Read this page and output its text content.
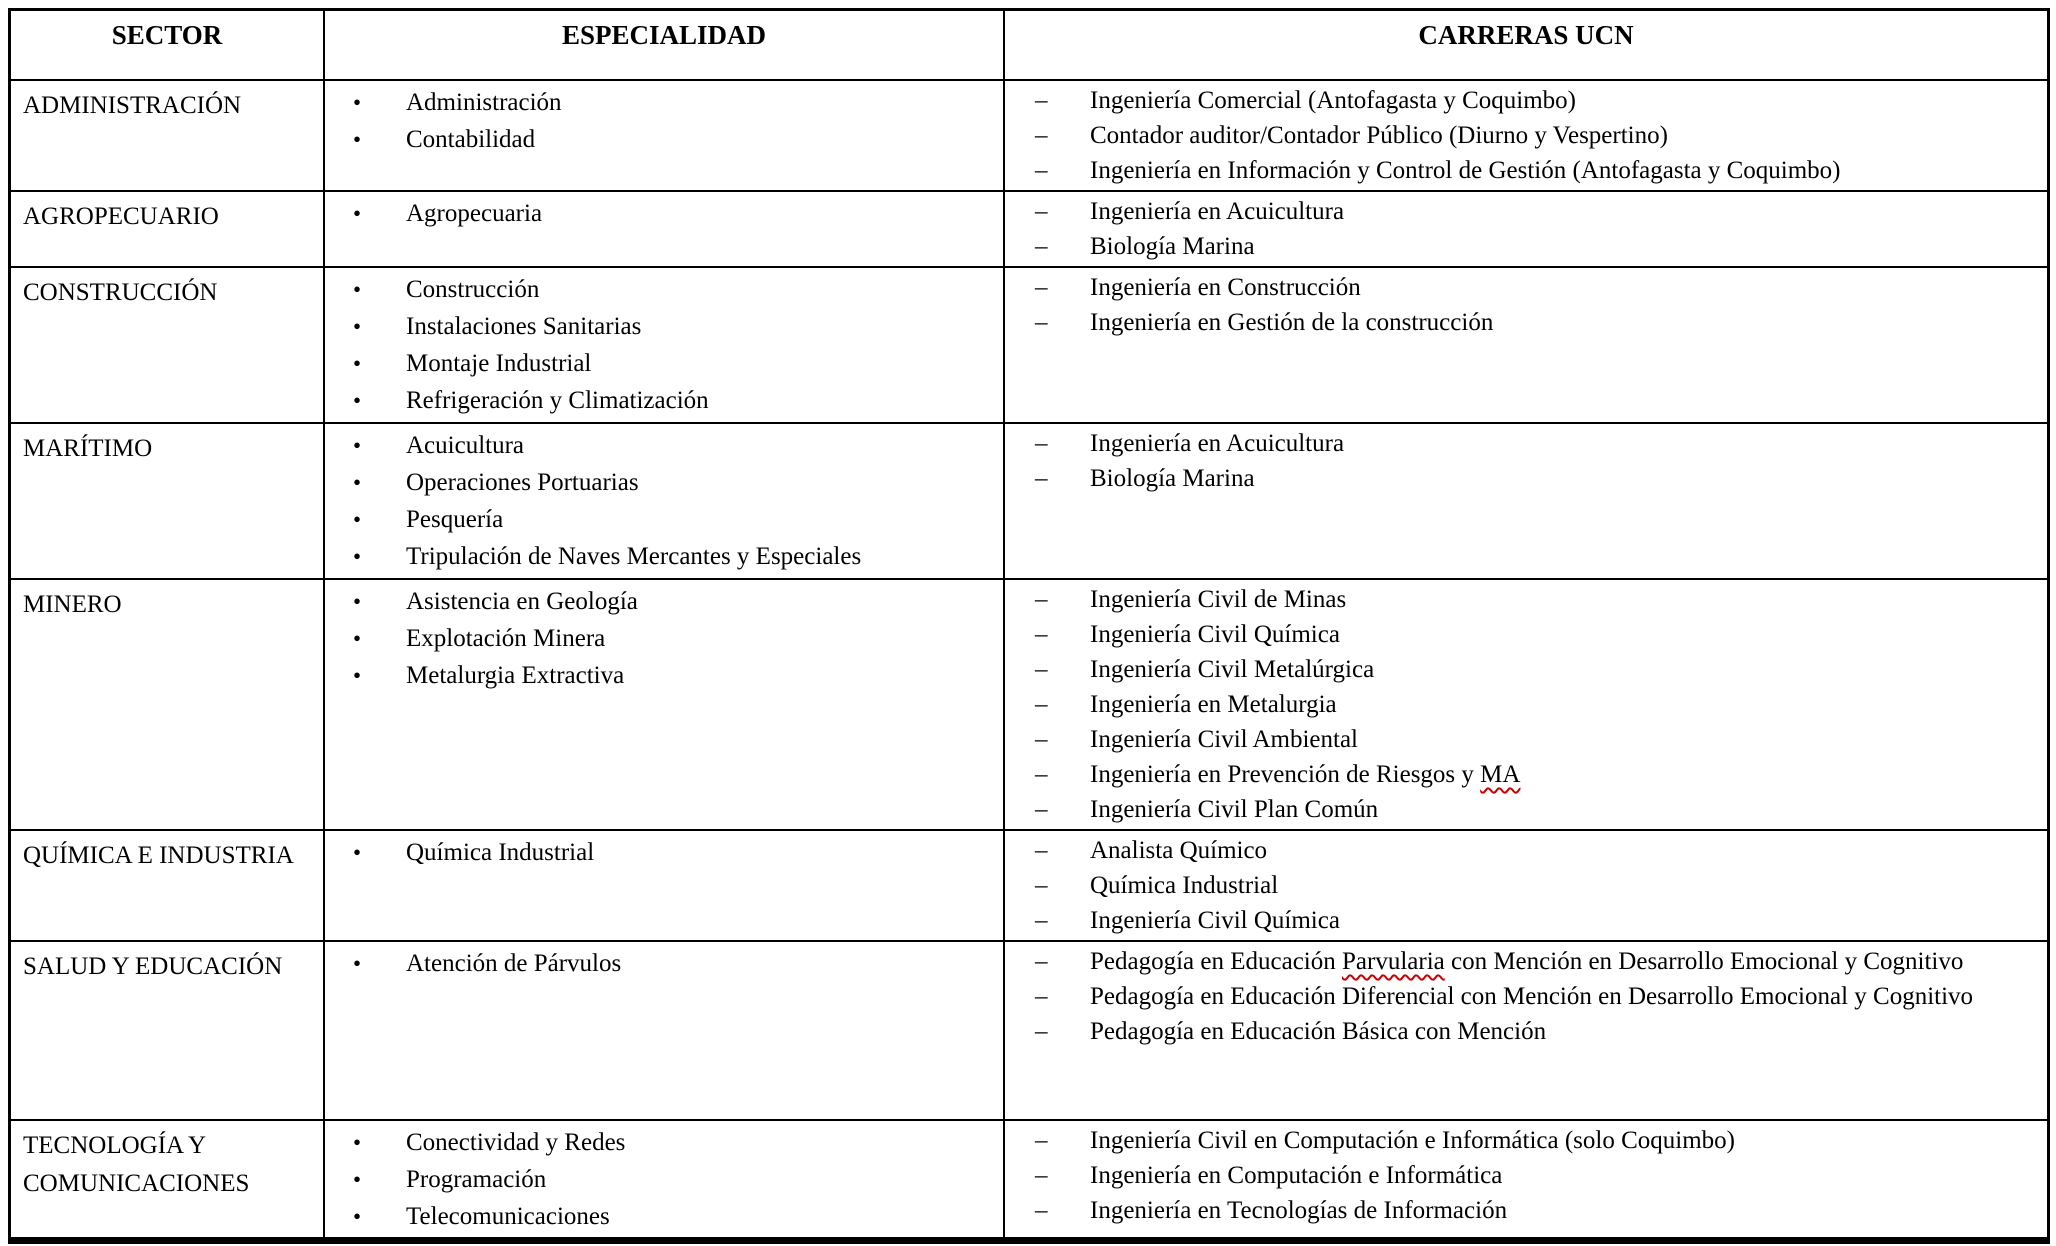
SECTOR	ESPECIALIDAD	CARRERAS UCN
ADMINISTRACIÓN	•	Administración
•	Contabilidad
–	Ingeniería Comercial (Antofagasta y Coquimbo)
–	Contador auditor/Contador Público (Diurno y Vespertino)
–	Ingeniería en Información y Control de Gestión (Antofagasta y Coquimbo)
AGROPECUARIO	•	Agropecuaria	–	Ingeniería en Acuicultura
–	Biología Marina
CONSTRUCCIÓN	•	Construcción
•	Instalaciones Sanitarias
•	Montaje Industrial
•	Refrigeración y Climatización
–	Ingeniería en Construcción
–	Ingeniería en Gestión de la construcción
MARÍTIMO	•	Acuicultura
•	Operaciones Portuarias
•	Pesquería
•	Tripulación de Naves Mercantes y Especiales
–	Ingeniería en Acuicultura
–	Biología Marina
MINERO	•	Asistencia en Geología
•	Explotación Minera
•	Metalurgia Extractiva
–	Ingeniería Civil de Minas
–	Ingeniería Civil Química
–	Ingeniería Civil Metalúrgica
–	Ingeniería en Metalurgia
–	Ingeniería Civil Ambiental
–	Ingeniería en Prevención de Riesgos y MA
–	Ingeniería Civil Plan Común
QUÍMICA E INDUSTRIA	•	Química Industrial	–	Analista Químico
–	Química Industrial
–	Ingeniería Civil Química
SALUD Y EDUCACIÓN	•	Atención de Párvulos	–	Pedagogía en Educación Parvularia con Mención en Desarrollo Emocional y Cognitivo
–	Pedagogía en Educación Diferencial con Mención en Desarrollo Emocional y Cognitivo
–	Pedagogía en Educación Básica con Mención
TECNOLOGÍA Y COMUNICACIONES
•	Conectividad y Redes
•	Programación
•	Telecomunicaciones
–	Ingeniería Civil en Computación e Informática (solo Coquimbo)
–	Ingeniería en Computación e Informática
–	Ingeniería en Tecnologías de Información
